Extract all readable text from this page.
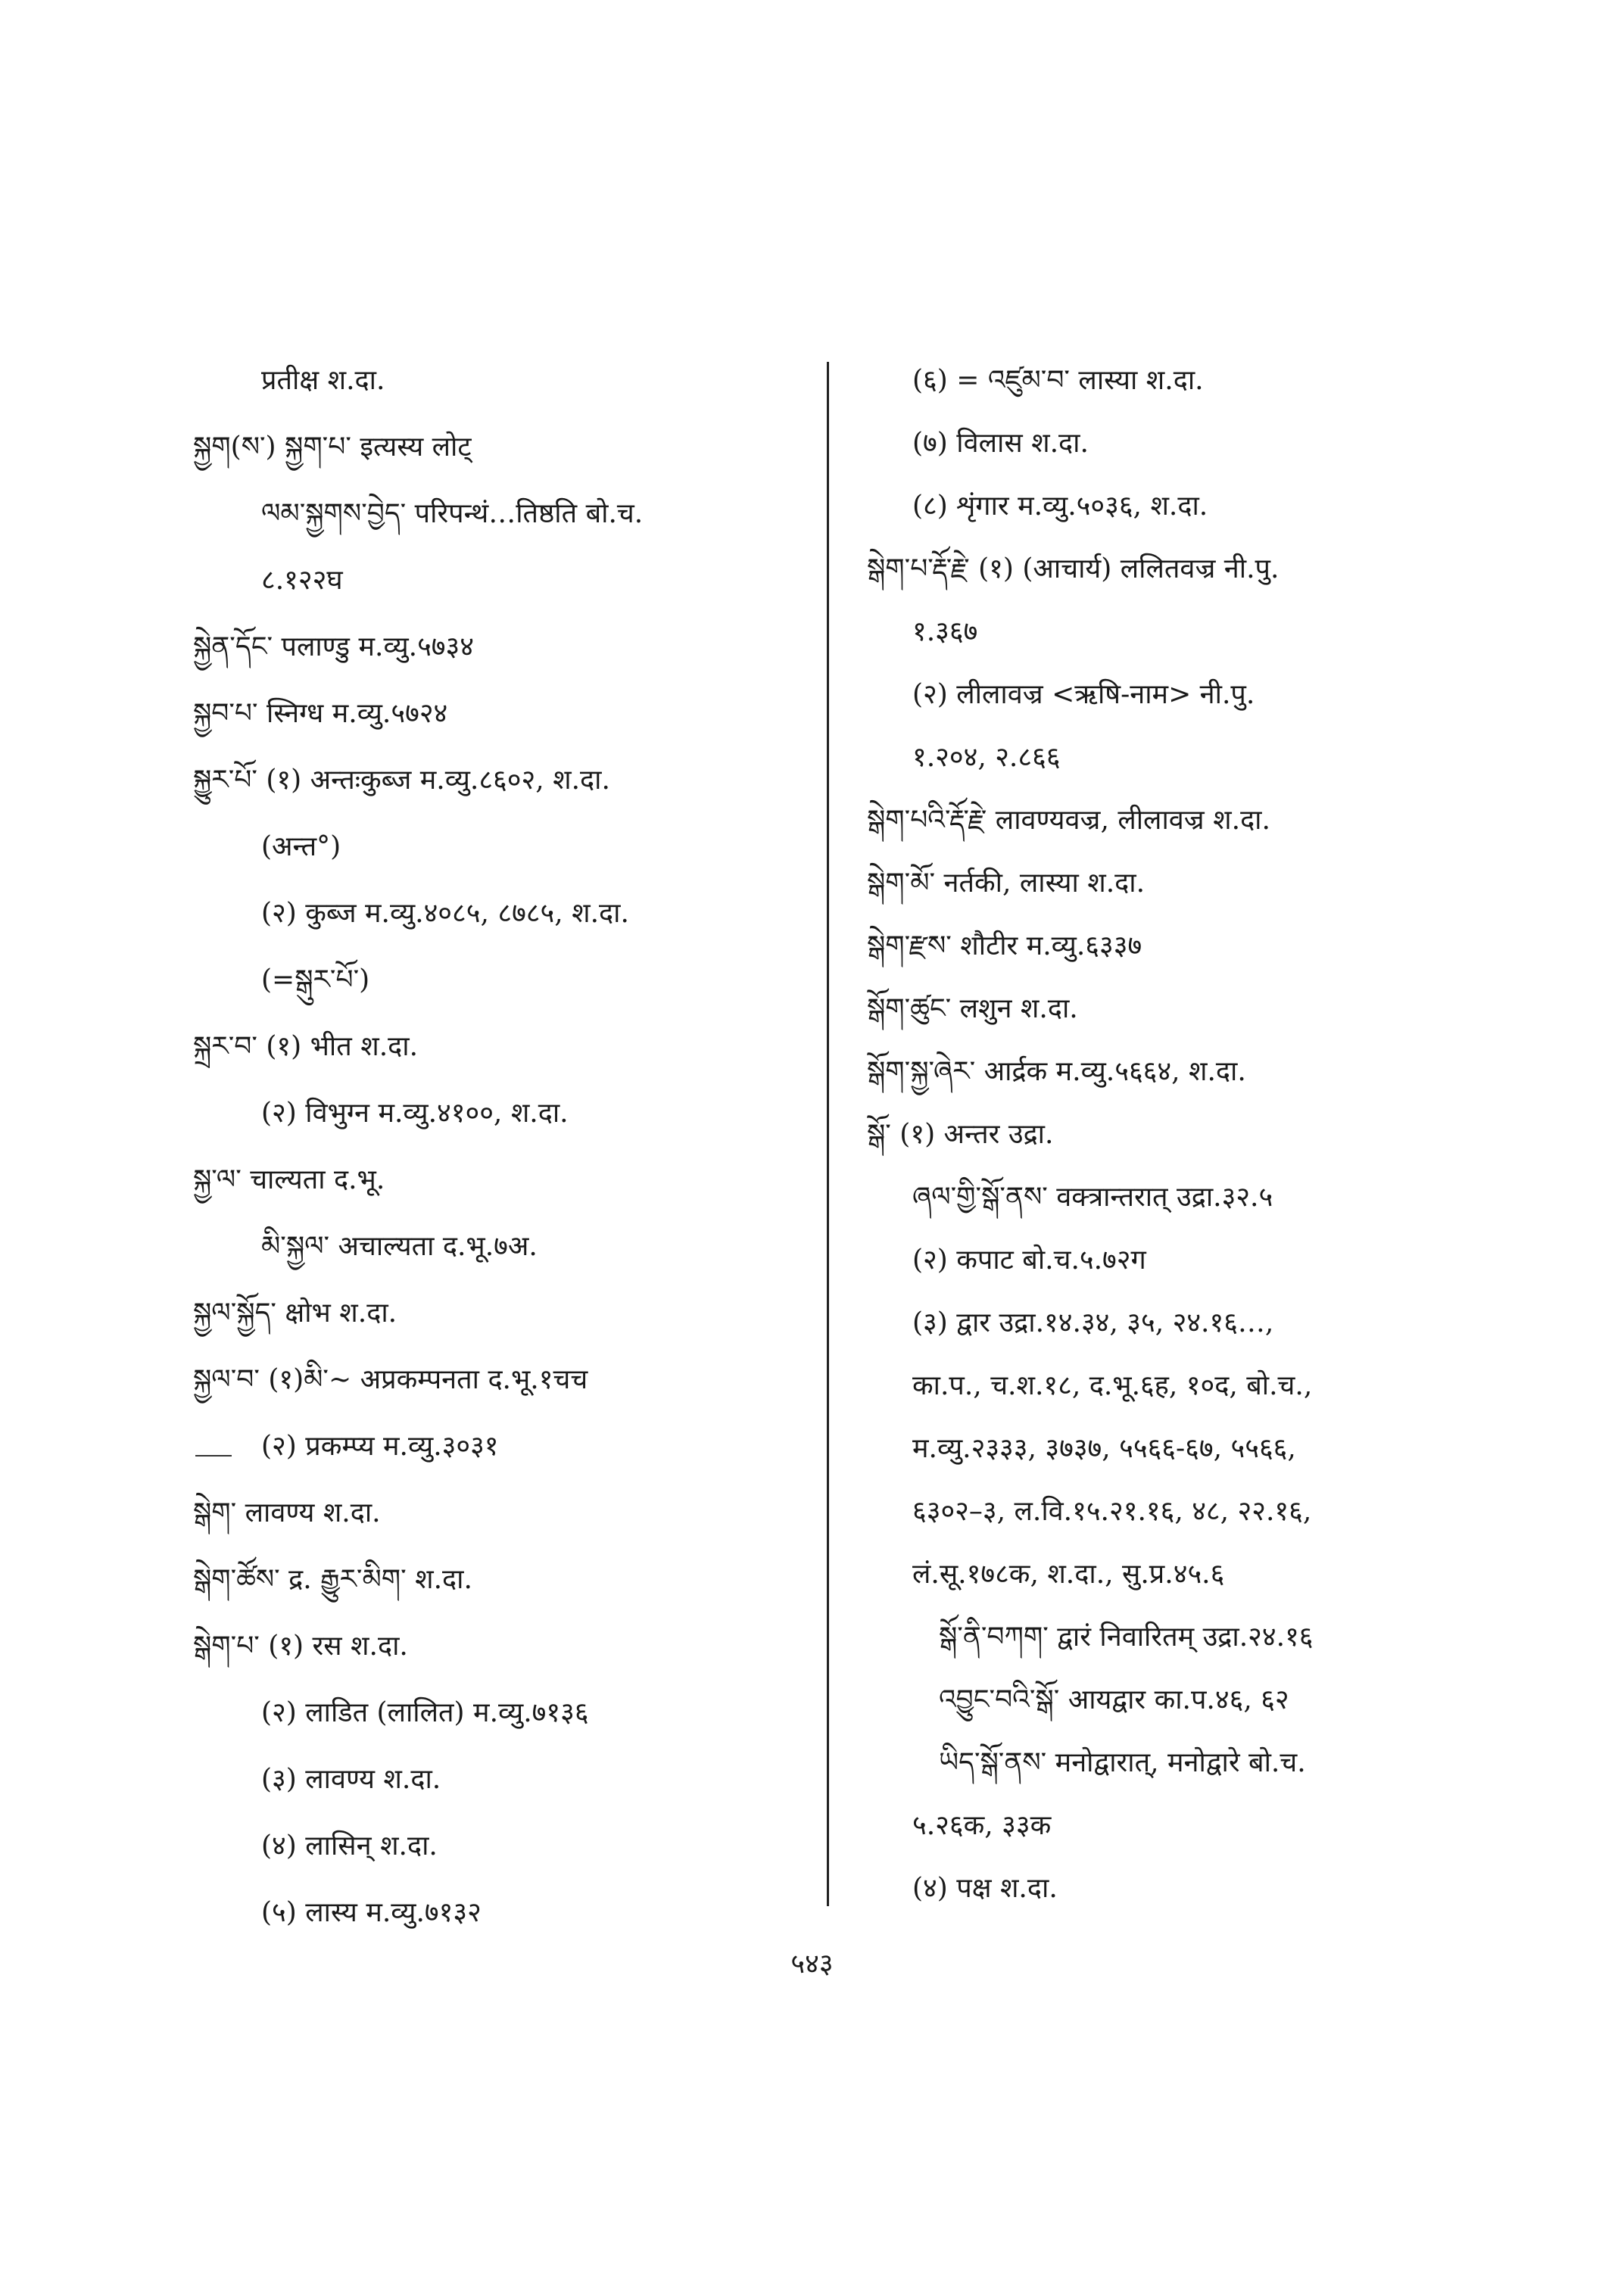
प्रतीक्ष श.दा.
སྐྱག(ས་) སྐྱག་པ་ इत्यस्य लोट्
ལམ་སྐྱགས་བྱེད་ परिपन्थं…तिष्ठति बो.च.
८.१२२घ
སྐྱེན་དོང་ पलाण्डु म.व्यु.५७३४
སྐྱབ་པ་ स्निग्ध म.व्यु.५७२४
སྐྱུར་པོ་ (१) अन्तःकुब्ज म.व्यु.८६०२, श.दा.
(अन्त°)
(२) कुब्ज म.व्यु.४०८५, ८७८५, श.दा.
(=སྒུར་པོ་)
སྐྲར་བ་ (१) भीत श.दा.
(२) विभुग्न म.व्यु.४१००, श.दा.
སྐྱ་ལ་ चाल्यता द.भू.
མི་སྐྱལ་ अचाल्यता द.भू.७अ.
སྐྱལ་སྐྱོད་ क्षोभ श.दा.
སྐྱལ་བ་ (१)མི་~ अप्रकम्पनता द.भू.१चच
(२) प्रकम्प्य म.व्यु.३०३१
སྒེག་ लावण्य श.दा.
སྒེག་ཚོས་ द्र. རྒྱུར་མིག་ श.दा.
སྒེག་པ་ (१) रस श.दा.
(२) लाडित (लालित) म.व्यु.७१३६
(३) लावण्य श.दा.
(४) लासिन् श.दा.
(५) लास्य म.व्यु.७१३२
(६) = འཛུམ་བ་ लास्या श.दा.
(७) विलास श.दा.
(८) शृंगार म.व्यु.५०३६, श.दा.
སྒེག་པ་རྡོ་རྗེ་ (१) (आचार्य) ललितवज्र नी.पु.
१.३६७
(२) लीलावज्र <ऋषि-नाम> नी.पु.
१.२०४, २.८६६
སྒེག་པའི་རྡོ་རྗེ་ लावण्यवज्र, लीलावज्र श.दा.
སྒེག་མོ་ नर्तकी, लास्या श.दा.
སྒེག་རྫས་ शौटीर म.व्यु.६३३७
སྒོག་ཚུང་ लशुन श.दा.
སྒོག་སྐྱ་ཞེར་ आर्द्रक म.व्यु.५६६४, श.दा.
སྒོ་ (१) अन्तर उद्रा.
ཞལ་གྱི་སྒོ་ནས་ वक्त्रान्तरात् उद्रा.३२.५
(२) कपाट बो.च.५.७२ग
(३) द्वार उद्रा.१४.३४, ३५, २४.१६…,
का.प., च.श.१८, द.भू.६ह, १०द, बो.च.,
म.व्यु.२३३३, ३७३७, ५५६६-६७, ५५६६,
६३०२–३, ल.वि.१५.२१.१६, ४८, २२.१६,
लं.सू.१७८क, श.दा., सु.प्र.४५.६
སྒོ་ནི་བཀག་ द्वारं निवारितम् उद्रा.२४.१६
འབྱུང་བའི་སྒོ་ आयद्वार का.प.४६, ६२
ཡིད་སྒོ་ནས་ मनोद्वारात्, मनोद्वारे बो.च.
५.२६क, ३३क
(४) पक्ष श.दा.
५४३
